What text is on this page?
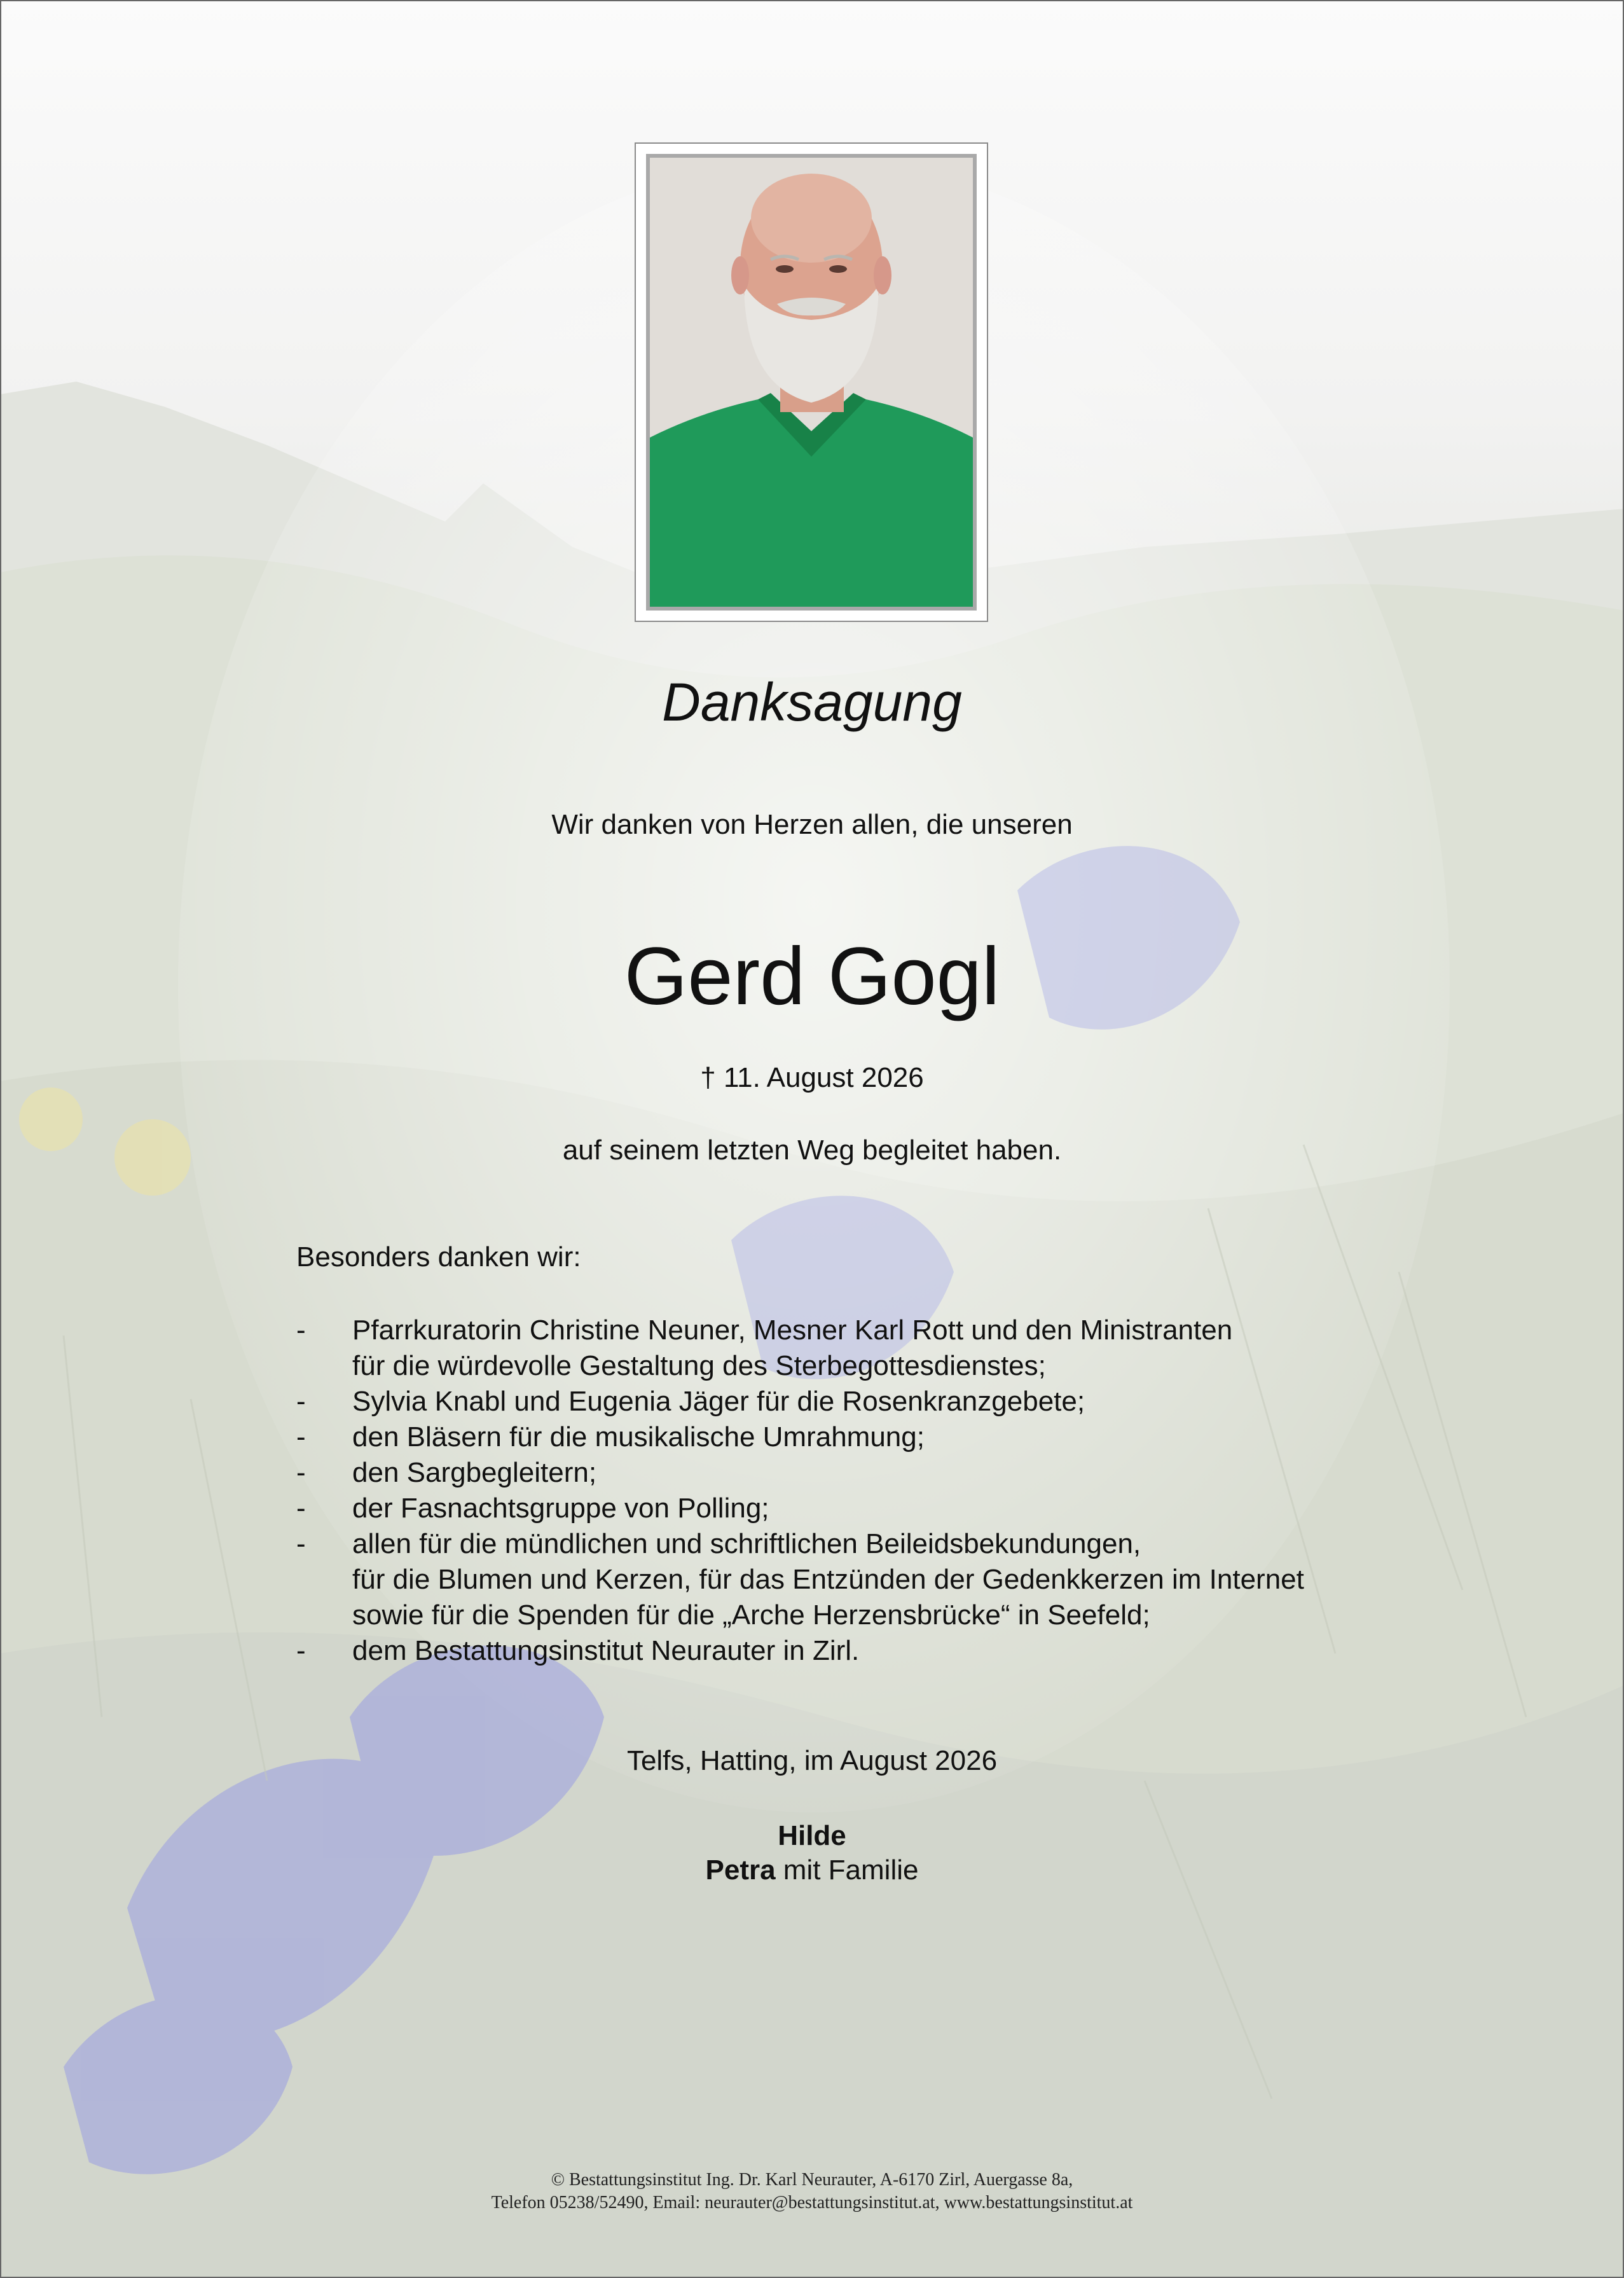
Danksagung
Wir danken von Herzen allen, die unseren
Gerd Gogl
† 11. August 2026
auf seinem letzten Weg begleitet haben.
Besonders danken wir:
- Pfarrkuratorin Christine Neuner, Mesner Karl Rott und den Ministranten
für die würdevolle Gestaltung des Sterbegottesdienstes;
- Sylvia Knabl und Eugenia Jäger für die Rosenkranzgebete;
- den Bläsern für die musikalische Umrahmung;
- den Sargbegleitern;
- der Fasnachtsgruppe von Polling;
- allen für die mündlichen und schriftlichen Beileidsbekundungen,
für die Blumen und Kerzen, für das Entzünden der Gedenkkerzen im Internet
sowie für die Spenden für die „Arche Herzensbrücke“ in Seefeld;
- dem Bestattungsinstitut Neurauter in Zirl.
Telfs, Hatting, im August 2026
Hilde
Petra mit Familie
© Bestattungsinstitut Ing. Dr. Karl Neurauter, A-6170 Zirl, Auergasse 8a,
Telefon 05238/52490, Email: neurauter@bestattungsinstitut.at, www.bestattungsinstitut.at
